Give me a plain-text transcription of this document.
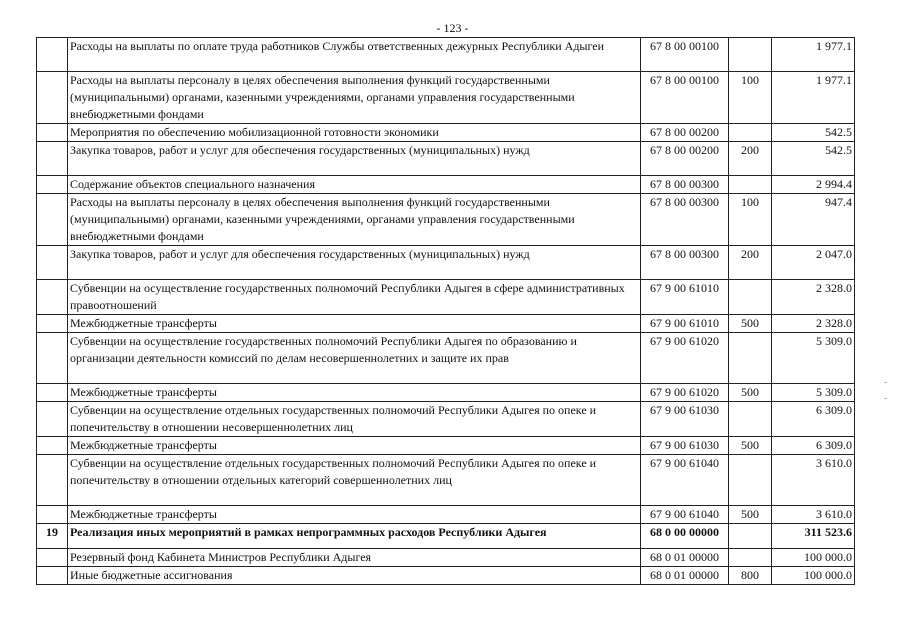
- 123 -
	Расходы на выплаты по оплате труда работников Службы ответственных дежурных Республики Адыгеи	67 8 00 00100		1 977.1
	Расходы на выплаты персоналу в целях обеспечения выполнения функций государственными (муниципальными) органами, казенными учреждениями, органами управления государственными внебюджетными фондами	67 8 00 00100	100	1 977.1
	Мероприятия по обеспечению мобилизационной готовности экономики	67 8 00 00200		542.5
	Закупка товаров, работ и услуг для обеспечения государственных (муниципальных) нужд	67 8 00 00200	200	542.5
	Содержание объектов специального назначения	67 8 00 00300		2 994.4
	Расходы на выплаты персоналу в целях обеспечения выполнения функций государственными (муниципальными) органами, казенными учреждениями, органами управления государственными внебюджетными фондами	67 8 00 00300	100	947.4
	Закупка товаров, работ и услуг для обеспечения государственных (муниципальных) нужд	67 8 00 00300	200	2 047.0
	Субвенции на осуществление государственных полномочий Республики Адыгея в сфере административных правоотношений	67 9 00 61010		2 328.0
	Межбюджетные трансферты	67 9 00 61010	500	2 328.0
	Субвенции на осуществление государственных полномочий Республики Адыгея по образованию и организации деятельности комиссий по делам несовершеннолетних и защите их прав	67 9 00 61020		5 309.0
	Межбюджетные трансферты	67 9 00 61020	500	5 309.0
	Субвенции на осуществление отдельных государственных полномочий Республики Адыгея по опеке и попечительству в отношении несовершеннолетних лиц	67 9 00 61030		6 309.0
	Межбюджетные трансферты	67 9 00 61030	500	6 309.0
	Субвенции на осуществление отдельных государственных полномочий Республики Адыгея по опеке и попечительству в отношении отдельных категорий совершеннолетних лиц	67 9 00 61040		3 610.0
	Межбюджетные трансферты	67 9 00 61040	500	3 610.0
19	Реализация иных мероприятий в рамках непрограммных расходов Республики Адыгея	68 0 00 00000		311 523.6
	Резервный фонд Кабинета Министров Республики Адыгея	68 0 01 00000		100 000.0
	Иные бюджетные ассигнования	68 0 01 00000	800	100 000.0
